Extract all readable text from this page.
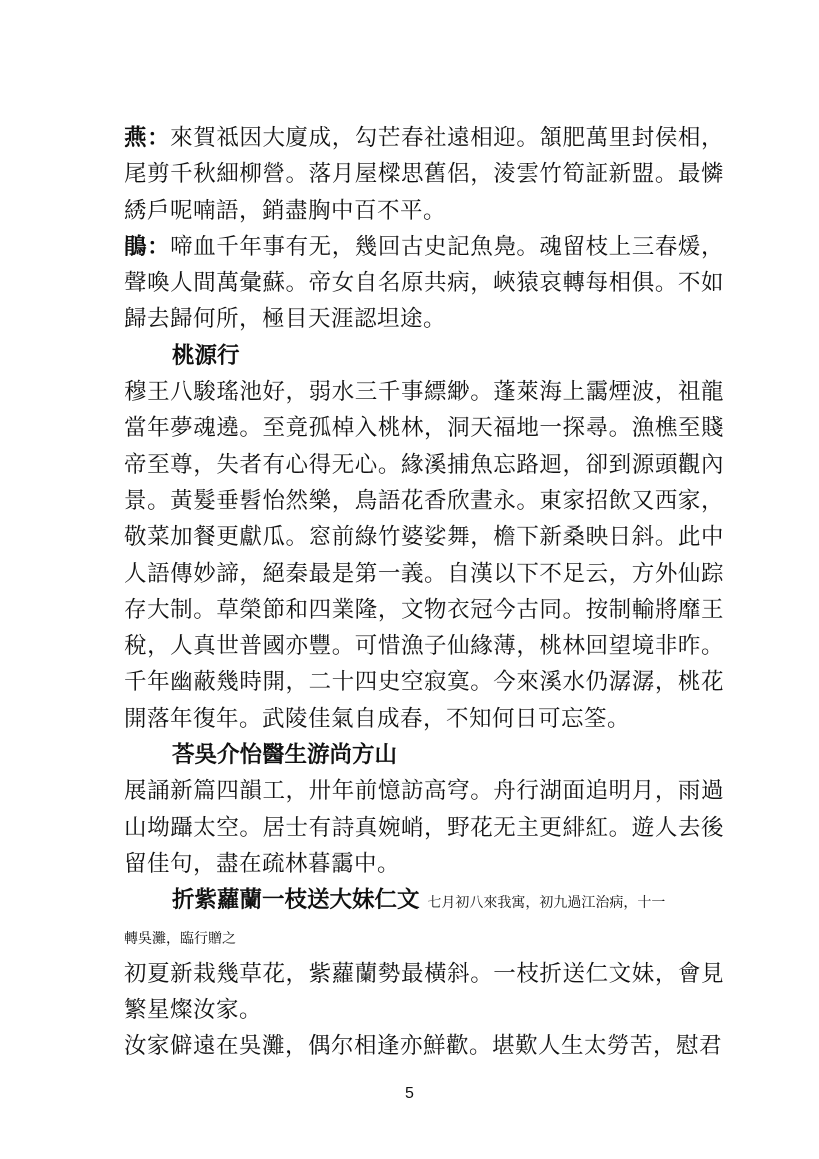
燕：來賀祗因大廈成，勾芒春社遠相迎。頷肥萬里封侯相，尾剪千秋細柳營。落月屋樑思舊侶，淩雲竹筍証新盟。最憐綉戶呢喃語，銷盡胸中百不平。

鵑：啼血千年事有无，幾回古史記魚鳧。魂留枝上三春煖，聲喚人間萬彙蘇。帝女自名原共病，峽猿哀轉每相俱。不如歸去歸何所，極目天涯認坦途。

桃源行

穆王八駿瑤池好，弱水三千事縹緲。蓬萊海上靄煙波，祖龍當年夢魂遶。至竟孤棹入桃林，洞天福地一探尋。漁樵至賤帝至尊，失者有心得无心。緣溪捕魚忘路迴，卻到源頭觀內景。黃髮垂髫怡然樂，鳥語花香欣晝永。東家招飲又西家，敬菜加餐更獻瓜。窓前綠竹婆娑舞，檐下新桑映日斜。此中人語傳妙諦，絕秦最是第一義。自漢以下不足云，方外仙踪存大制。草榮節和四業隆，文物衣冠今古同。按制輸將靡王稅，人真世普國亦豐。可惜漁子仙緣薄，桃林回望境非昨。千年幽蔽幾時開，二十四史空寂寞。今來溪水仍潺潺，桃花開落年復年。武陵佳氣自成春，不知何日可忘筌。

荅吳介怡醫生游尚方山

展誦新篇四韻工，卅年前憶訪高穹。舟行湖面追明月，雨過山坳躡太空。居士有詩真婉峭，野花无主更緋紅。遊人去後留佳句，盡在疏林暮靄中。

折紫蘿蘭一枝送大妹仁文 七月初八來我寓，初九過江治病，十一

轉吳灘，臨行贈之

初夏新栽幾草花，紫蘿蘭勢最橫斜。一枝折送仁文妹，會見繁星燦汝家。

汝家僻遠在吳灘，偶尔相逢亦鮮歡。堪歎人生太勞苦，慰君

5
